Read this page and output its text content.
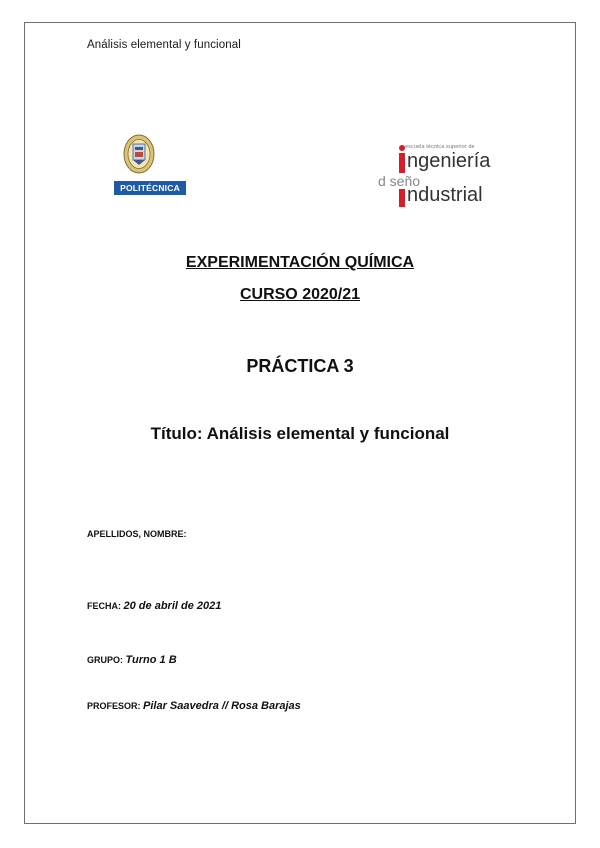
Análisis elemental y funcional
POLITÉCNICA
escuela técnica superior de
ngeniería
d seño
ndustrial
EXPERIMENTACIÓN QUÍMICA
CURSO 2020/21
PRÁCTICA 3
Título: Análisis elemental y funcional
APELLIDOS, NOMBRE:
FECHA: 20 de abril de 2021
GRUPO: Turno 1 B
PROFESOR: Pilar Saavedra // Rosa Barajas
